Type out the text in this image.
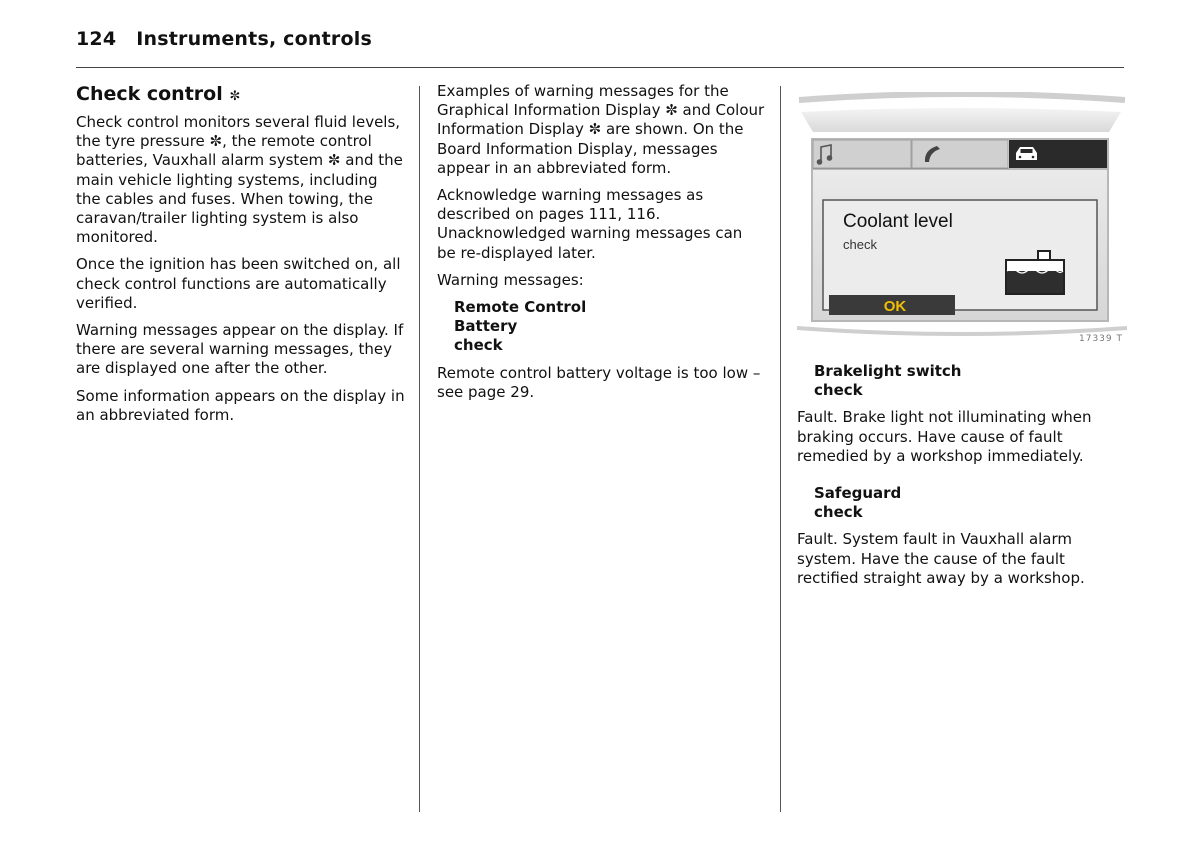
124 Instruments, controls
Check control ✼

Check control monitors several fluid levels, the tyre pressure ✼, the remote control batteries, Vauxhall alarm system ✼ and the main vehicle lighting systems, including the cables and fuses. When towing, the caravan/trailer lighting system is also monitored.

Once the ignition has been switched on, all check control functions are automatically verified.

Warning messages appear on the display. If there are several warning messages, they are displayed one after the other.

Some information appears on the display in an abbreviated form.

Examples of warning messages for the Graphical Information Display ✼ and Colour Information Display ✼ are shown. On the Board Information Display, messages appear in an abbreviated form.

Acknowledge warning messages as described on pages 111, 116. Unacknowledged warning messages can be re-displayed later.

Warning messages:

Remote Control
Battery
check

Remote control battery voltage is too low – see page 29.

Coolant level
check
OK
17339 T
Brakelight switch
check

Fault. Brake light not illuminating when braking occurs. Have cause of fault remedied by a workshop immediately.

Safeguard
check

Fault. System fault in Vauxhall alarm system. Have the cause of the fault rectified straight away by a workshop.
